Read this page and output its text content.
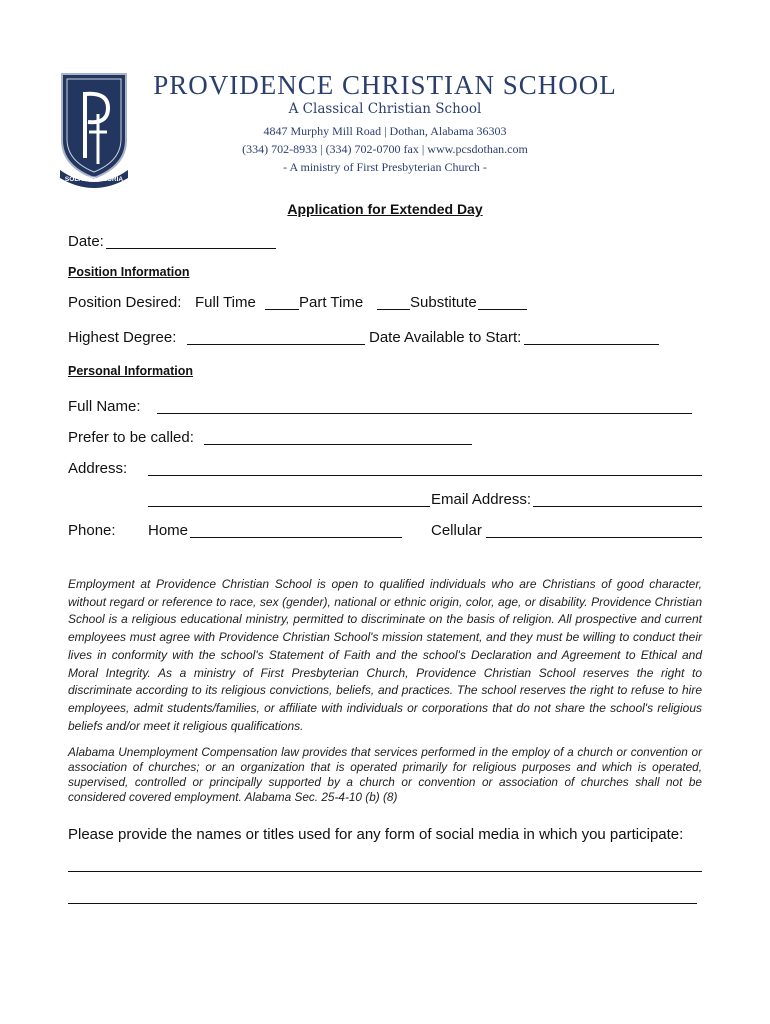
SOLI DEO GLORIA
PROVIDENCE CHRISTIAN SCHOOL
A Classical Christian School
4847 Murphy Mill Road | Dothan, Alabama 36303
(334) 702-8933 | (334) 702-0700 fax | www.pcsdothan.com
- A ministry of First Presbyterian Church -
Application for Extended Day
Date:
Position Information
Position Desired: Full Time	Part Time	Substitute
Highest Degree:	Date Available to Start:
Personal Information
Full Name:
Prefer to be called:
Address:
Email Address:
Phone: Home	Cellular
Employment at Providence Christian School is open to qualified individuals who are Christians of good character, without regard or reference to race, sex (gender), national or ethnic origin, color, age, or disability. Providence Christian School is a religious educational ministry, permitted to discriminate on the basis of religion. All prospective and current employees must agree with Providence Christian School's mission statement, and they must be willing to conduct their lives in conformity with the school's Statement of Faith and the school's Declaration and Agreement to Ethical and Moral Integrity. As a ministry of First Presbyterian Church, Providence Christian School reserves the right to discriminate according to its religious convictions, beliefs, and practices. The school reserves the right to refuse to hire employees, admit students/families, or affiliate with individuals or corporations that do not share the school's religious beliefs and/or meet it religious qualifications.
Alabama Unemployment Compensation law provides that services performed in the employ of a church or convention or association of churches; or an organization that is operated primarily for religious purposes and which is operated, supervised, controlled or principally supported by a church or convention or association of churches shall not be considered covered employment. Alabama Sec. 25-4-10 (b) (8)
Please provide the names or titles used for any form of social media in which you participate:
